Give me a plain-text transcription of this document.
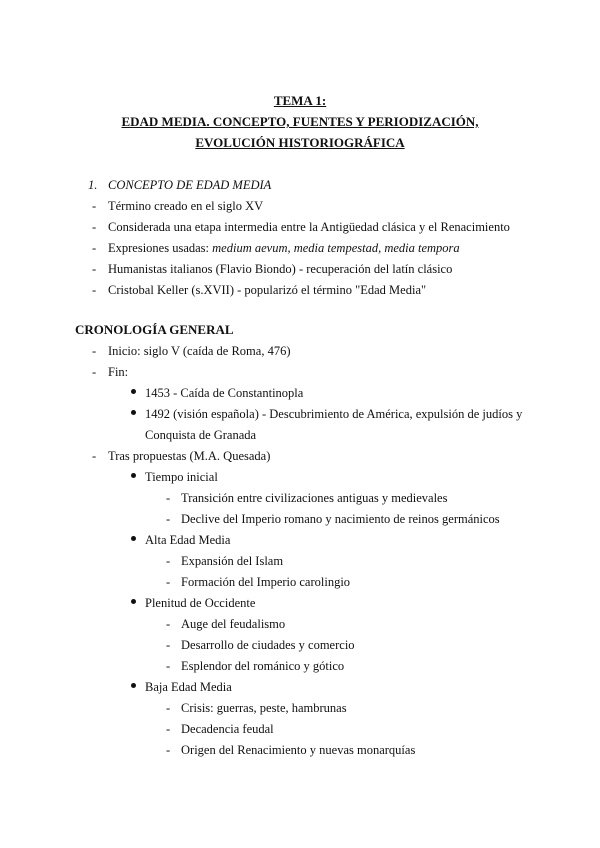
TEMA 1:
EDAD MEDIA. CONCEPTO, FUENTES Y PERIODIZACIÓN,
EVOLUCIÓN HISTORIOGRÁFICA
1. CONCEPTO DE EDAD MEDIA
- Término creado en el siglo XV
- Considerada una etapa intermedia entre la Antigüedad clásica y el Renacimiento
- Expresiones usadas: medium aevum, media tempestad, media tempora
- Humanistas italianos (Flavio Biondo) - recuperación del latín clásico
- Cristobal Keller (s.XVII) - popularizó el término "Edad Media"
CRONOLOGÍA GENERAL
- Inicio: siglo V (caída de Roma, 476)
- Fin:
1453 - Caída de Constantinopla
1492 (visión española) - Descubrimiento de América, expulsión de judíos y
Conquista de Granada
- Tras propuestas (M.A. Quesada)
Tiempo inicial
- Transición entre civilizaciones antiguas y medievales
- Declive del Imperio romano y nacimiento de reinos germánicos
Alta Edad Media
- Expansión del Islam
- Formación del Imperio carolingio
Plenitud de Occidente
- Auge del feudalismo
- Desarrollo de ciudades y comercio
- Esplendor del románico y gótico
Baja Edad Media
- Crisis: guerras, peste, hambrunas
- Decadencia feudal
- Origen del Renacimiento y nuevas monarquías
